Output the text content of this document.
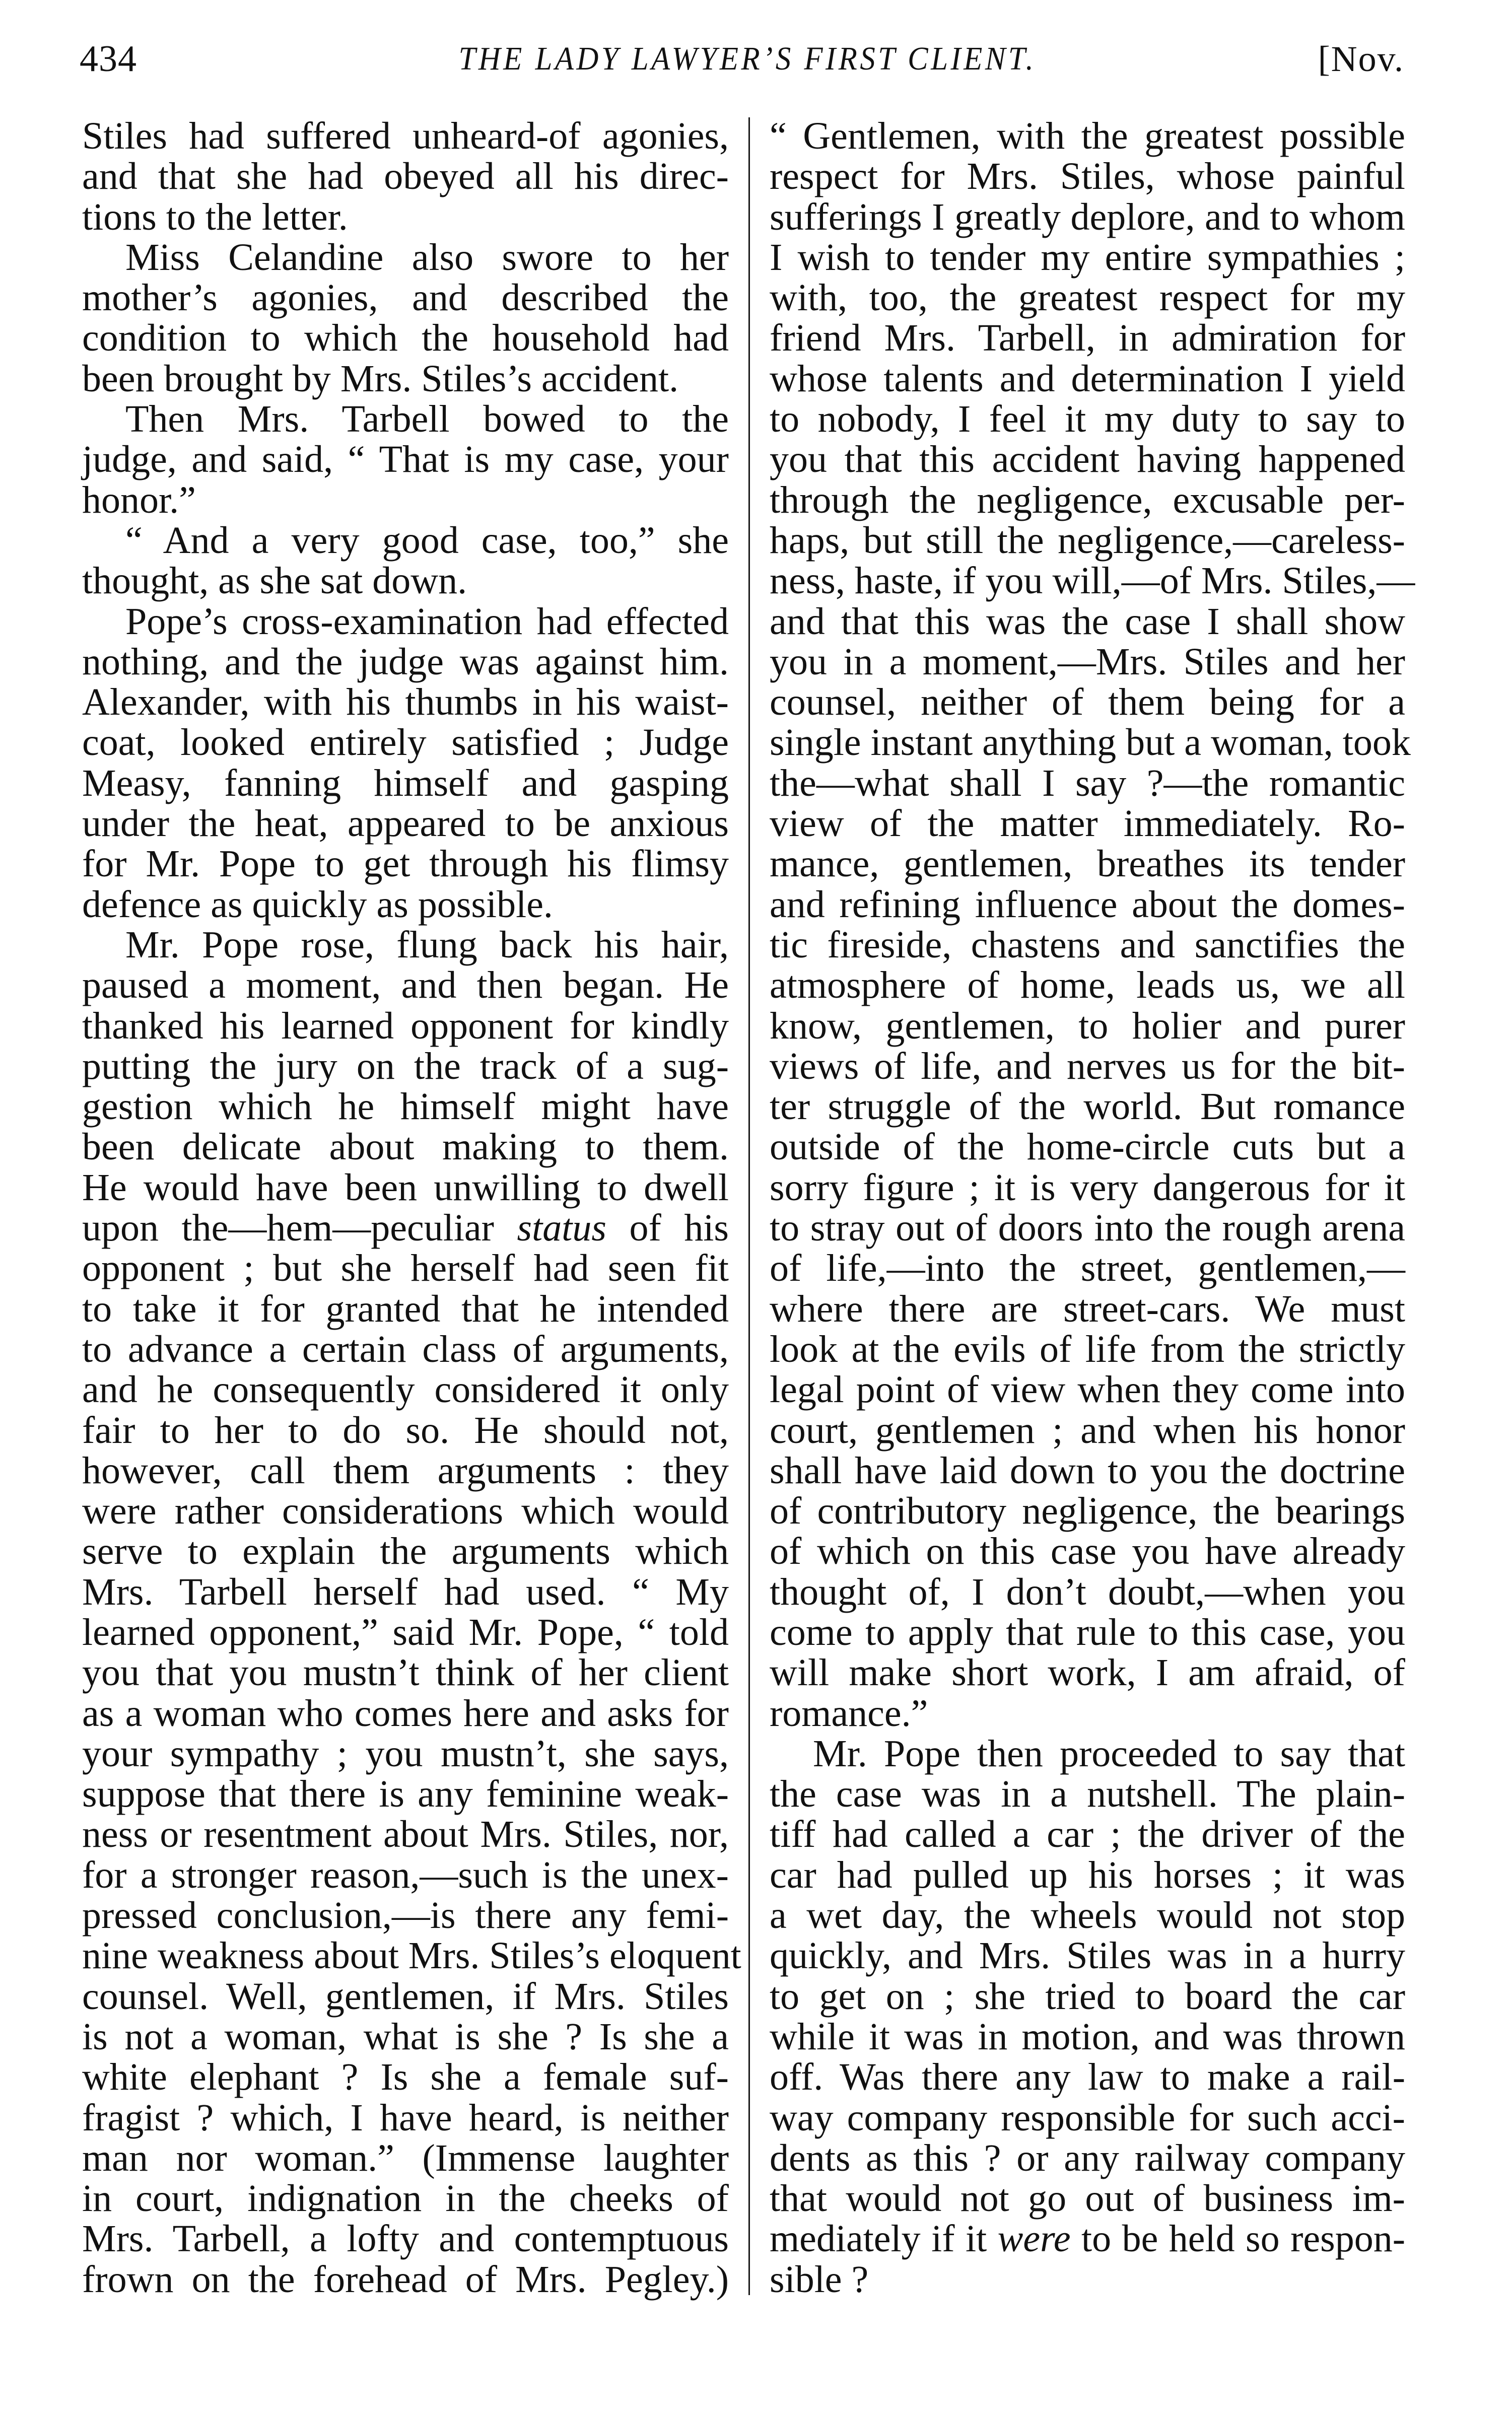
434	THE LADY LAWYER’S FIRST CLIENT.	[Nov.
Stiles had suffered unheard-of agonies,
and that she had obeyed all his direc-
tions to the letter.
Miss Celandine also swore to her
mother’s agonies, and described the
condition to which the household had
been brought by Mrs. Stiles’s accident.
Then Mrs. Tarbell bowed to the
judge, and said, “ That is my case, your
honor.”
“ And a very good case, too,” she
thought, as she sat down.
Pope’s cross-examination had effected
nothing, and the judge was against him.
Alexander, with his thumbs in his waist-
coat, looked entirely satisfied ; Judge
Measy, fanning himself and gasping
under the heat, appeared to be anxious
for Mr. Pope to get through his flimsy
defence as quickly as possible.
Mr. Pope rose, flung back his hair,
paused a moment, and then began. He
thanked his learned opponent for kindly
putting the jury on the track of a sug-
gestion which he himself might have
been delicate about making to them.
He would have been unwilling to dwell
upon the—hem—peculiar status of his
opponent ; but she herself had seen fit
to take it for granted that he intended
to advance a certain class of arguments,
and he consequently considered it only
fair to her to do so. He should not,
however, call them arguments : they
were rather considerations which would
serve to explain the arguments which
Mrs. Tarbell herself had used. “ My
learned opponent,” said Mr. Pope, “ told
you that you mustn’t think of her client
as a woman who comes here and asks for
your sympathy ; you mustn’t, she says,
suppose that there is any feminine weak-
ness or resentment about Mrs. Stiles, nor,
for a stronger reason,—such is the unex-
pressed conclusion,—is there any femi-
nine weakness about Mrs. Stiles’s eloquent
counsel. Well, gentlemen, if Mrs. Stiles
is not a woman, what is she ? Is she a
white elephant ? Is she a female suf-
fragist ? which, I have heard, is neither
man nor woman.” (Immense laughter
in court, indignation in the cheeks of
Mrs. Tarbell, a lofty and contemptuous
frown on the forehead of Mrs. Pegley.)
“ Gentlemen, with the greatest possible
respect for Mrs. Stiles, whose painful
sufferings I greatly deplore, and to whom
I wish to tender my entire sympathies ;
with, too, the greatest respect for my
friend Mrs. Tarbell, in admiration for
whose talents and determination I yield
to nobody, I feel it my duty to say to
you that this accident having happened
through the negligence, excusable per-
haps, but still the negligence,—careless-
ness, haste, if you will,—of Mrs. Stiles,—
and that this was the case I shall show
you in a moment,—Mrs. Stiles and her
counsel, neither of them being for a
single instant anything but a woman, took
the—what shall I say ?—the romantic
view of the matter immediately. Ro-
mance, gentlemen, breathes its tender
and refining influence about the domes-
tic fireside, chastens and sanctifies the
atmosphere of home, leads us, we all
know, gentlemen, to holier and purer
views of life, and nerves us for the bit-
ter struggle of the world. But romance
outside of the home-circle cuts but a
sorry figure ; it is very dangerous for it
to stray out of doors into the rough arena
of life,—into the street, gentlemen,—
where there are street-cars. We must
look at the evils of life from the strictly
legal point of view when they come into
court, gentlemen ; and when his honor
shall have laid down to you the doctrine
of contributory negligence, the bearings
of which on this case you have already
thought of, I don’t doubt,—when you
come to apply that rule to this case, you
will make short work, I am afraid, of
romance.”
Mr. Pope then proceeded to say that
the case was in a nutshell. The plain-
tiff had called a car ; the driver of the
car had pulled up his horses ; it was
a wet day, the wheels would not stop
quickly, and Mrs. Stiles was in a hurry
to get on ; she tried to board the car
while it was in motion, and was thrown
off. Was there any law to make a rail-
way company responsible for such acci-
dents as this ? or any railway company
that would not go out of business im-
mediately if it were to be held so respon-
sible ?
